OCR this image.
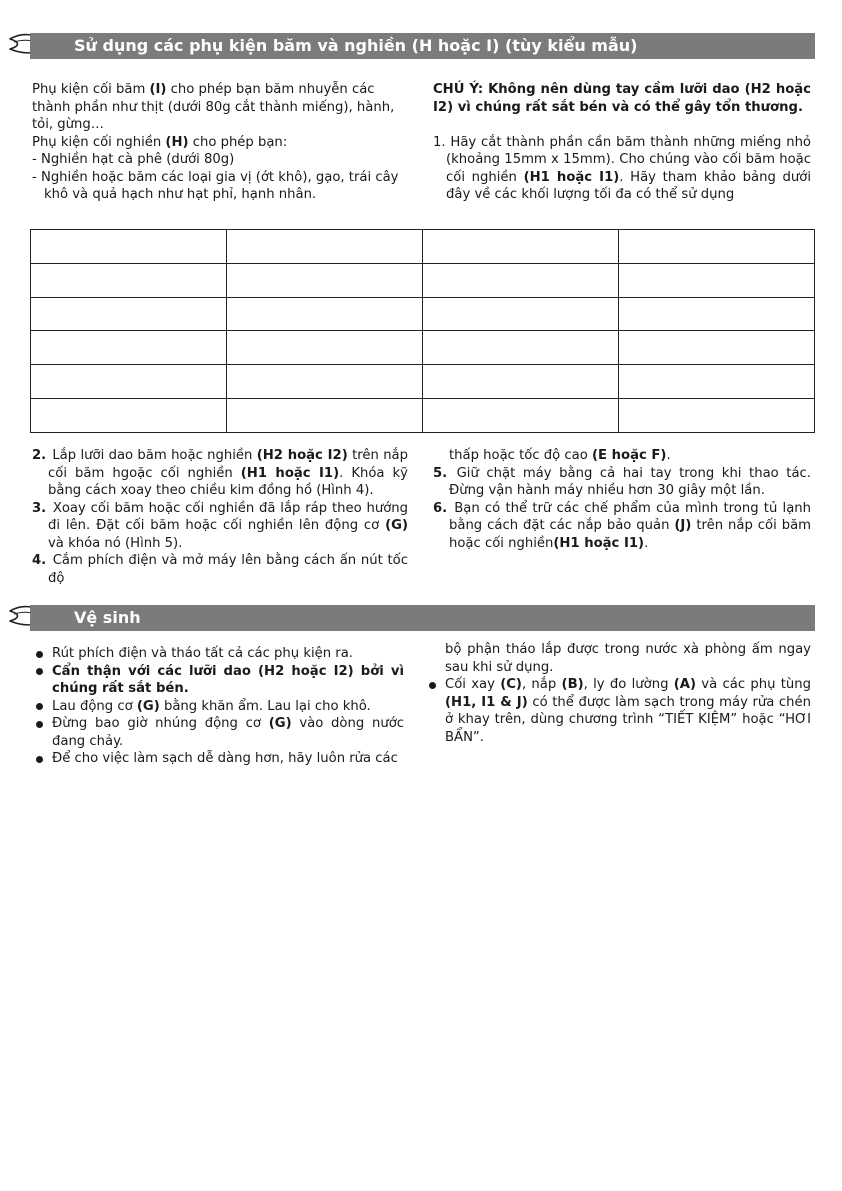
Sử dụng các phụ kiện băm và nghiền (H hoặc I) (tùy kiểu mẫu)

Phụ kiện cối băm (I) cho phép bạn băm nhuyễn các thành phần như thịt (dưới 80g cắt thành miếng), hành, tỏi, gừng…

Phụ kiện cối nghiền (H) cho phép bạn:

- Nghiền hạt cà phê (dưới 80g)

- Nghiền hoặc băm các loại gia vị (ớt khô), gạo, trái cây khô và quả hạch như hạt phỉ, hạnh nhân.

CHÚ Ý: Không nên dùng tay cầm lưỡi dao (H2 hoặc I2) vì chúng rất sắt bén và có thể gây tổn thương.

1. Hãy cắt thành phần cần băm thành những miếng nhỏ (khoảng 15mm x 15mm). Cho chúng vào cối băm hoặc cối nghiền (H1 hoặc I1). Hãy tham khảo bảng dưới đây về các khối lượng tối đa có thể sử dụng

2. Lắp lưỡi dao băm hoặc nghiền (H2 hoặc I2) trên nắp cối băm hgoặc cối nghiền (H1 hoặc I1). Khóa kỹ bằng cách xoay theo chiều kim đồng hồ (Hình 4).

3. Xoay cối băm hoặc cối nghiền đã lắp ráp theo hướng đi lên. Đặt cối băm hoặc cối nghiền lên động cơ (G) và khóa nó (Hình 5).

4. Cắm phích điện và mở máy lên bằng cách ấn nút tốc độ

thấp hoặc tốc độ cao (E hoặc F).

5. Giữ chặt máy bằng cả hai tay trong khi thao tác. Đừng vận hành máy nhiều hơn 30 giây một lần.

6. Bạn có thể trữ các chế phẩm của mình trong tủ lạnh bằng cách đặt các nắp bảo quản (J) trên nắp cối băm hoặc cối nghiền(H1 hoặc I1).

Vệ sinh

Rút phích điện và tháo tất cả các phụ kiện ra.

Cẩn thận với các lưỡi dao (H2 hoặc I2) bởi vì chúng rất sắt bén.

Lau động cơ (G) bằng khăn ẩm. Lau lại cho khô.

Đừng bao giờ nhúng động cơ (G) vào dòng nước đang chảy.

Để cho việc làm sạch dễ dàng hơn, hãy luôn rửa các

bộ phận tháo lắp được trong nước xà phòng ấm ngay sau khi sử dụng.

Cối xay (C), nắp (B), ly đo lường (A) và các phụ tùng (H1, I1 & J) có thể được làm sạch trong máy rửa chén ở khay trên, dùng chương trình “TIẾT KIỆM” hoặc “HƠI BẨN”.
